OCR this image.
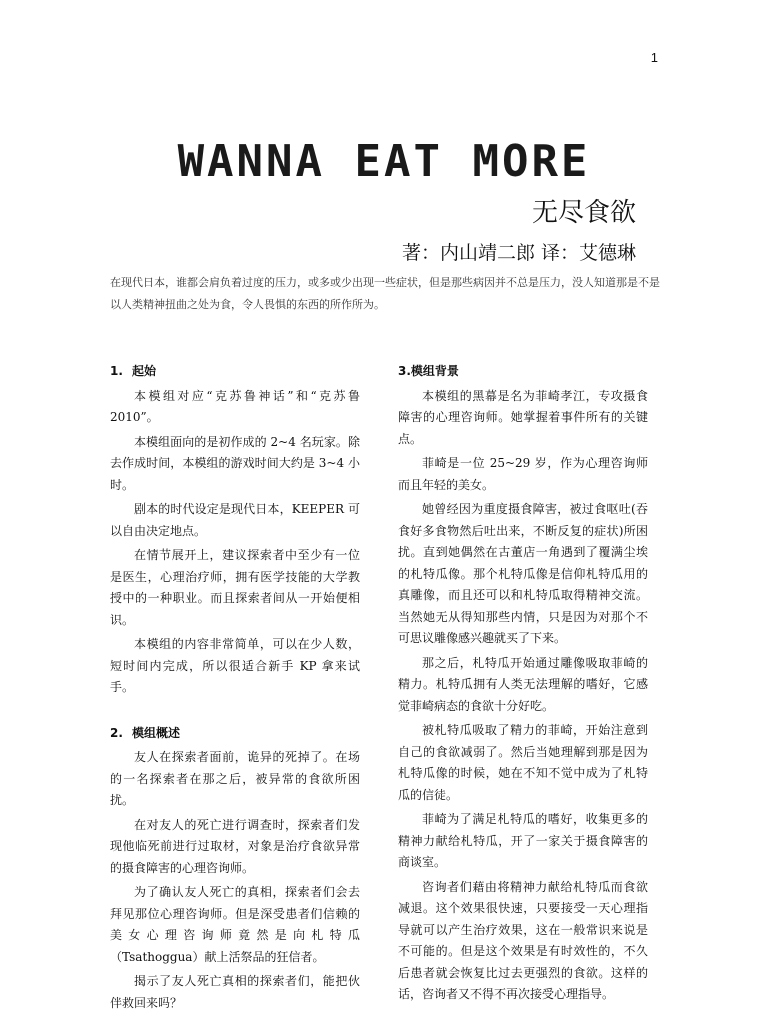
1
WANNA EAT MORE
无尽食欲
著：内山靖二郎 译：艾德琳
在现代日本，谁都会肩负着过度的压力，或多或少出现一些症状，但是那些病因并不总是压力，没人知道那是不是以人类精神扭曲之处为食，令人畏惧的东西的所作所为。
1. 起始

本模组对应“克苏鲁神话”和“克苏鲁 2010”。

本模组面向的是初作成的 2~4 名玩家。除去作成时间，本模组的游戏时间大约是 3~4 小时。

剧本的时代设定是现代日本，KEEPER 可以自由决定地点。

在情节展开上，建议探索者中至少有一位是医生，心理治疗师，拥有医学技能的大学教授中的一种职业。而且探索者间从一开始便相识。

本模组的内容非常简单，可以在少人数，短时间内完成，所以很适合新手 KP 拿来试手。

2. 模组概述

友人在探索者面前，诡异的死掉了。在场的一名探索者在那之后，被异常的食欲所困扰。

在对友人的死亡进行调查时，探索者们发现他临死前进行过取材，对象是治疗食欲异常的摄食障害的心理咨询师。

为了确认友人死亡的真相，探索者们会去拜见那位心理咨询师。但是深受患者们信赖的美女心理咨询师竟然是向札特瓜（Tsathoggua）献上活祭品的狂信者。

揭示了友人死亡真相的探索者们，能把伙伴救回来吗？

3.模组背景

本模组的黑幕是名为菲崎孝江，专攻摄食障害的心理咨询师。她掌握着事件所有的关键点。

菲崎是一位 25~29 岁，作为心理咨询师而且年轻的美女。

她曾经因为重度摄食障害，被过食呕吐(吞食好多食物然后吐出来，不断反复的症状)所困扰。直到她偶然在古董店一角遇到了覆满尘埃的札特瓜像。那个札特瓜像是信仰札特瓜用的真雕像，而且还可以和札特瓜取得精神交流。当然她无从得知那些内情，只是因为对那个不可思议雕像感兴趣就买了下来。

那之后，札特瓜开始通过雕像吸取菲崎的精力。札特瓜拥有人类无法理解的嗜好，它感觉菲崎病态的食欲十分好吃。

被札特瓜吸取了精力的菲崎，开始注意到自己的食欲减弱了。然后当她理解到那是因为札特瓜像的时候，她在不知不觉中成为了札特瓜的信徒。

菲崎为了满足札特瓜的嗜好，收集更多的精神力献给札特瓜，开了一家关于摄食障害的商谈室。

咨询者们藉由将精神力献给札特瓜而食欲减退。这个效果很快速，只要接受一天心理指导就可以产生治疗效果，这在一般常识来说是不可能的。但是这个效果是有时效性的，不久后患者就会恢复比过去更强烈的食欲。这样的话，咨询者又不得不再次接受心理指导。
